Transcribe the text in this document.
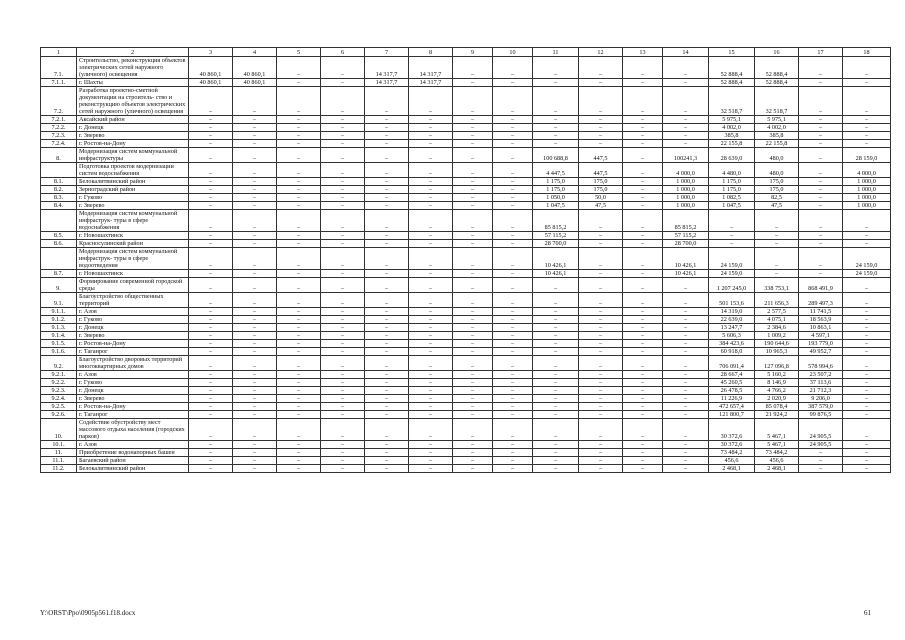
1	2	3	4	5	6	7	8	9	10	11	12	13	14	15	16	17	18
7.1.	Строительство, реконструкция объектов электрических сетей наружного (уличного) освещения	40 860,1	40 860,1	–	–	14 317,7	14 317,7	–	–	–	–	–	–	52 888,4	52 888,4	–	–
7.1.1.	г. Шахты	40 860,1	40 860,1	–	–	14 317,7	14 317,7	–	–	–	–	–	–	52 888,4	52 888,4	–	–
7.2.	Разработка проектно-сметной документации на строитель- ство и реконструкцию объектов электрических сетей наружного (уличного) освещения	–	–	–	–	–	–	–	–	–	–	–	–	32 518,7	32 518,7	–	–
7.2.1.	Аксайский район	–	–	–	–	–	–	–	–	–	–	–	–	5 975,1	5 975,1	–	–
7.2.2.	г. Донецк	–	–	–	–	–	–	–	–	–	–	–	–	4 002,0	4 002,0	–	–
7.2.3.	г. Зверево	–	–	–	–	–	–	–	–	–	–	–	–	385,8	385,8	–	–
7.2.4.	г. Ростов-на-Дону	–	–	–	–	–	–	–	–	–	–	–	–	22 155,8	22 155,8	–	–
8.	Модернизация систем коммунальной инфраструктуры	–	–	–	–	–	–	–	–	100 688,8	447,5	–	100241,3	28 639,0	480,0	–	28 159,0
	Подготовка проектов модернизации систем водоснабжения	–	–	–	–	–	–	–	–	4 447,5	447,5	–	4 000,0	4 480,0	480,0	–	4 000,0
8.1.	Белокалитвинский район	–	–	–	–	–	–	–	–	1 175,0	175,0	–	1 000,0	1 175,0	175,0	–	1 000,0
8.2.	Зерноградский район	–	–	–	–	–	–	–	–	1 175,0	175,0	–	1 000,0	1 175,0	175,0	–	1 000,0
8.3.	г. Гуково	–	–	–	–	–	–	–	–	1 050,0	50,0	–	1 000,0	1 082,5	82,5	–	1 000,0
8.4.	г. Зверево	–	–	–	–	–	–	–	–	1 047,5	47,5	–	1 000,0	1 047,5	47,5	–	1 000,0
	Модернизация систем коммунальной инфраструк- туры в сфере водоснабжения	–	–	–	–	–	–	–	–	85 815,2	–	–	85 815,2	–	–	–	–
8.5.	г. Новошахтинск	–	–	–	–	–	–	–	–	57 115,2	–	–	57 115,2	–	–	–	–
8.6.	Красносулинский район	–	–	–	–	–	–	–	–	28 700,0	–	–	28 700,0	–	–	–	–
	Модернизация систем коммунальной инфраструк- туры в сфере водоотведения	–	–	–	–	–	–	–	–	10 426,1	–	–	10 426,1	24 159,0	–	–	24 159,0
8.7.	г. Новошахтинск	–	–	–	–	–	–	–	–	10 426,1	–	–	10 426,1	24 159,0	–	–	24 159,0
9.	Формирование современной городской среды	–	–	–	–	–	–	–	–	–	–	–	–	1 207 245,0	338 753,1	868 491,9	–
9.1.	Благоустройство общественных территорий	–	–	–	–	–	–	–	–	–	–	–	–	501 153,6	211 656,3	289 497,3	–
9.1.1.	г. Азов	–	–	–	–	–	–	–	–	–	–	–	–	14 319,0	2 577,5	11 741,5	–
9.1.2.	г. Гуково	–	–	–	–	–	–	–	–	–	–	–	–	22 639,0	4 075,1	18 563,9	–
9.1.3.	г. Донецк	–	–	–	–	–	–	–	–	–	–	–	–	13 247,7	2 384,6	10 863,1	–
9.1.4.	г. Зверево	–	–	–	–	–	–	–	–	–	–	–	–	5 606,3	1 009,2	4 597,1	–
9.1.5.	г. Ростов-на-Дону	–	–	–	–	–	–	–	–	–	–	–	–	384 423,6	190 644,6	193 779,0	–
9.1.6.	г. Таганрог	–	–	–	–	–	–	–	–	–	–	–	–	60 918,0	10 965,3	49 952,7	–
9.2.	Благоустройство дворовых территорий многоквартирных домов	–	–	–	–	–	–	–	–	–	–	–	–	706 091,4	127 096,8	578 994,6	–
9.2.1.	г. Азов	–	–	–	–	–	–	–	–	–	–	–	–	28 667,4	5 160,2	23 507,2	–
9.2.2.	г. Гуково	–	–	–	–	–	–	–	–	–	–	–	–	45 260,5	8 146,9	37 113,6	–
9.2.3.	г. Донецк	–	–	–	–	–	–	–	–	–	–	–	–	26 478,5	4 766,2	21 712,3	–
9.2.4.	г. Зверево	–	–	–	–	–	–	–	–	–	–	–	–	11 226,9	2 020,9	9 206,0	–
9.2.5.	г. Ростов-на-Дону	–	–	–	–	–	–	–	–	–	–	–	–	472 657,4	85 078,4	387 579,0	–
9.2.6.	г. Таганрог	–	–	–	–	–	–	–	–	–	–	–	–	121 800,7	21 924,2	99 876,5	–
10.	Содействие обустройству мест массового отдыха населения (городских парков)	–	–	–	–	–	–	–	–	–	–	–	–	30 372,6	5 467,1	24 905,5	–
10.1.	г. Азов	–	–	–	–	–	–	–	–	–	–	–	–	30 372,6	5 467,1	24 905,5	–
11.	Приобретение водонапорных башен	–	–	–	–	–	–	–	–	–	–	–	–	73 484,2	73 484,2	–	–
11.1.	Багаевский район	–	–	–	–	–	–	–	–	–	–	–	–	456,6	456,6	–	–
11.2.	Белокалитвинский район	–	–	–	–	–	–	–	–	–	–	–	–	2 468,1	2 468,1	–	–
Y:\ORST\Ppo\0905p561.f18.docx	61
